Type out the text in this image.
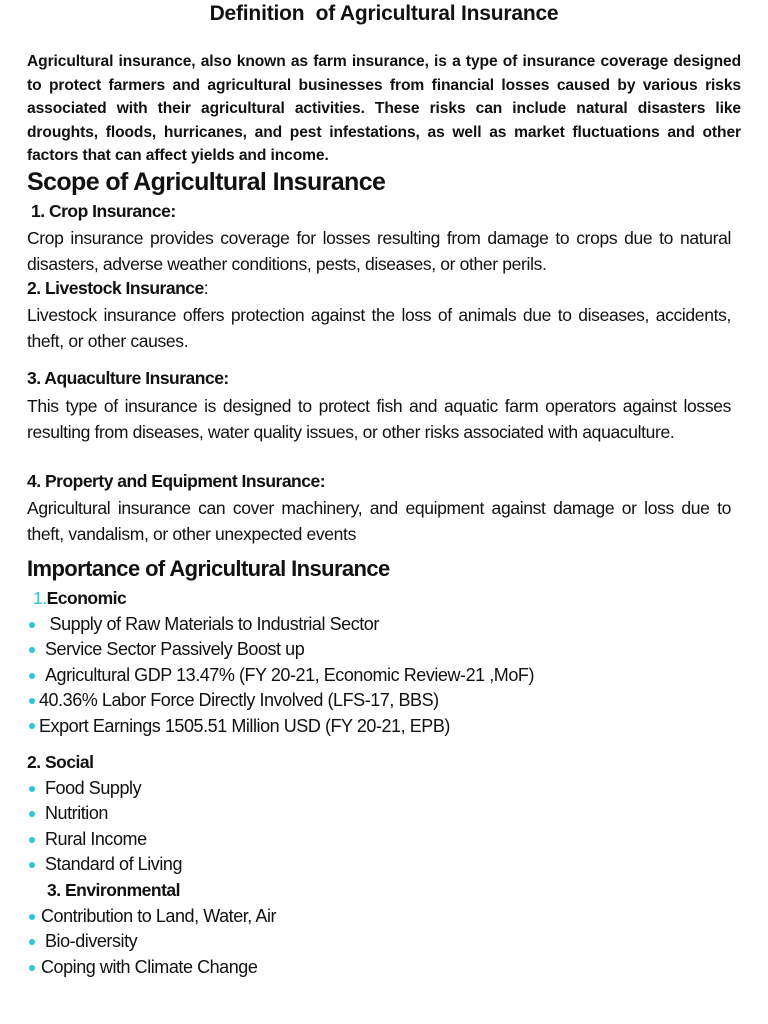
Definition  of Agricultural Insurance
Agricultural insurance, also known as farm insurance, is a type of insurance coverage designed to protect farmers and agricultural businesses from financial losses caused by various risks associated with their agricultural activities. These risks can include natural disasters like droughts, floods, hurricanes, and pest infestations, as well as market fluctuations and other factors that can affect yields and income.
Scope of Agricultural Insurance
1. Crop Insurance:
Crop insurance provides coverage for losses resulting from damage to crops due to natural disasters, adverse weather conditions, pests, diseases, or other perils.
2. Livestock Insurance:
Livestock insurance offers protection against the loss of animals due to diseases, accidents, theft, or other causes.
3. Aquaculture Insurance:
This type of insurance is designed to protect fish and aquatic farm operators against losses resulting from diseases, water quality issues, or other risks associated with aquaculture.
4. Property and Equipment Insurance:
Agricultural insurance can cover machinery, and equipment against damage or loss due to theft, vandalism, or other unexpected events
Importance of Agricultural Insurance
1.Economic
Supply of Raw Materials to Industrial Sector
Service Sector Passively Boost up
Agricultural GDP 13.47% (FY 20-21, Economic Review-21 ,MoF)
40.36% Labor Force Directly Involved (LFS-17, BBS)
Export Earnings 1505.51 Million USD (FY 20-21, EPB)
2. Social
Food Supply
Nutrition
Rural Income
Standard of Living
3. Environmental
Contribution to Land, Water, Air
Bio-diversity
Coping with Climate Change
